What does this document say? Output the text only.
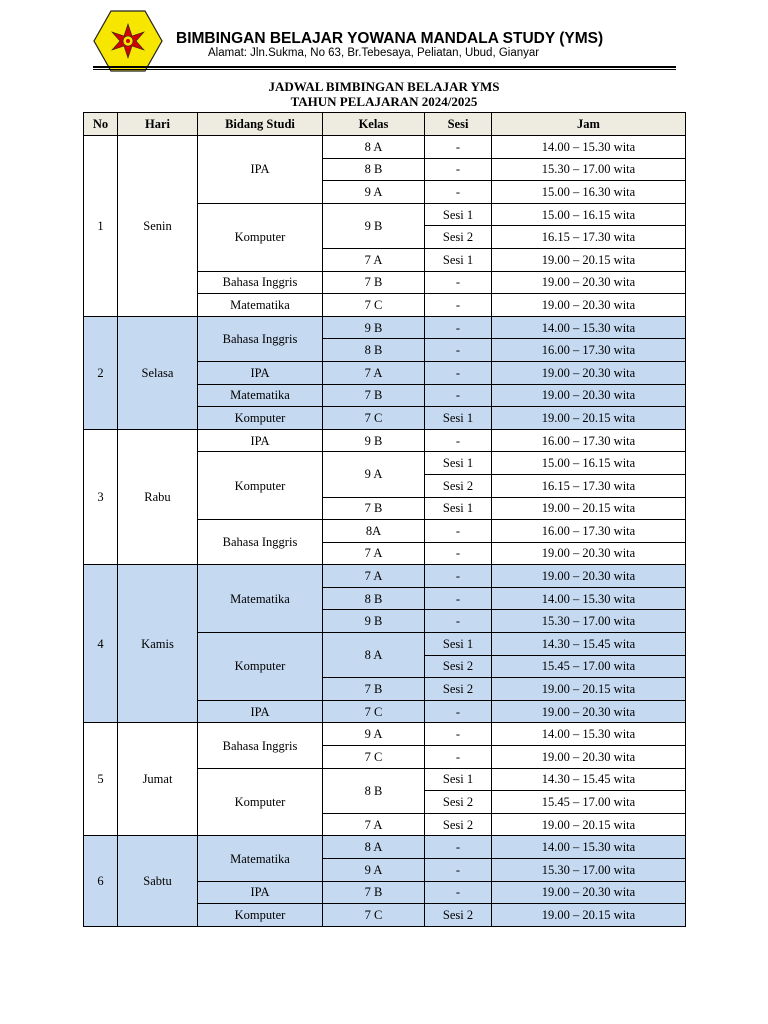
BIMBINGAN BELAJAR YOWANA MANDALA STUDY (YMS)
Alamat: Jln.Sukma, No 63, Br.Tebesaya, Peliatan, Ubud, Gianyar
JADWAL BIMBINGAN BELAJAR YMS
TAHUN PELAJARAN 2024/2025
No	Hari	Bidang Studi	Kelas	Sesi	Jam
1	Senin	IPA	8 A	-	14.00 – 15.30 wita
			8 B	-	15.30 – 17.00 wita
			9 A	-	15.00 – 16.30 wita
		Komputer	9 B	Sesi 1	15.00 – 16.15 wita
				Sesi 2	16.15 – 17.30 wita
			7 A	Sesi 1	19.00 – 20.15 wita
		Bahasa Inggris	7 B	-	19.00 – 20.30 wita
		Matematika	7 C	-	19.00 – 20.30 wita
2	Selasa	Bahasa Inggris	9 B	-	14.00 – 15.30 wita
			8 B	-	16.00 – 17.30 wita
		IPA	7 A	-	19.00 – 20.30 wita
		Matematika	7 B	-	19.00 – 20.30 wita
		Komputer	7 C	Sesi 1	19.00 – 20.15 wita
3	Rabu	IPA	9 B	-	16.00 – 17.30 wita
		Komputer	9 A	Sesi 1	15.00 – 16.15 wita
				Sesi 2	16.15 – 17.30 wita
			7 B	Sesi 1	19.00 – 20.15 wita
		Bahasa Inggris	8A	-	16.00 – 17.30 wita
			7 A	-	19.00 – 20.30 wita
4	Kamis	Matematika	7 A	-	19.00 – 20.30 wita
			8 B	-	14.00 – 15.30 wita
			9 B	-	15.30 – 17.00 wita
		Komputer	8 A	Sesi 1	14.30 – 15.45 wita
				Sesi 2	15.45 – 17.00 wita
			7 B	Sesi 2	19.00 – 20.15 wita
		IPA	7 C	-	19.00 – 20.30 wita
5	Jumat	Bahasa Inggris	9 A	-	14.00 – 15.30 wita
			7 C	-	19.00 – 20.30 wita
		Komputer	8 B	Sesi 1	14.30 – 15.45 wita
				Sesi 2	15.45 – 17.00 wita
			7 A	Sesi 2	19.00 – 20.15 wita
6	Sabtu	Matematika	8 A	-	14.00 – 15.30 wita
			9 A	-	15.30 – 17.00 wita
		IPA	7 B	-	19.00 – 20.30 wita
		Komputer	7 C	Sesi 2	19.00 – 20.15 wita
